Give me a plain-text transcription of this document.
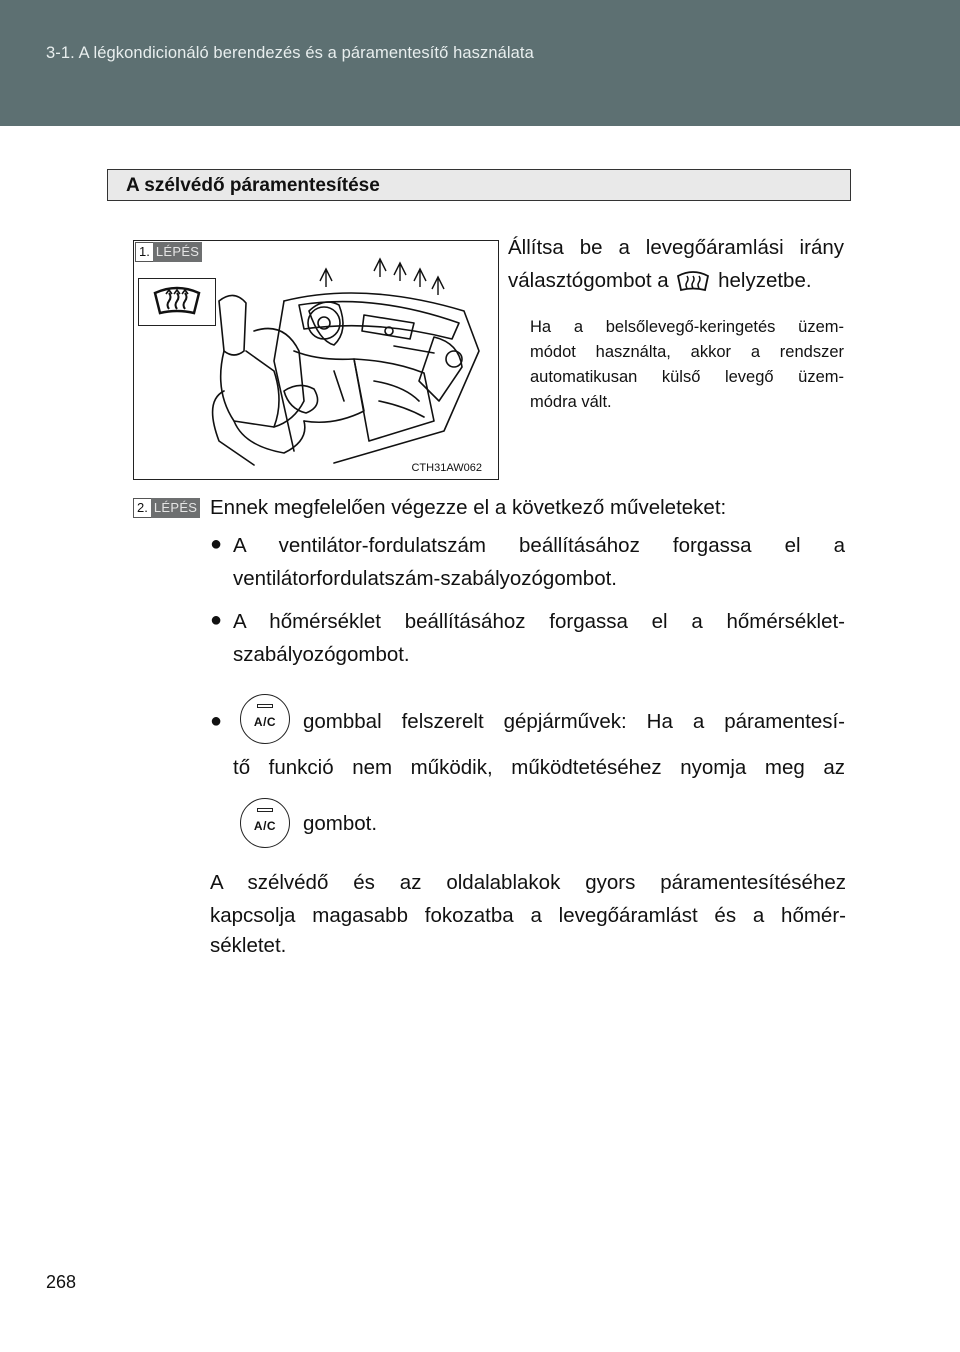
3-1. A légkondicionáló berendezés és a páramentesítő használata
A szélvédő páramentesítése
1. LÉPÉS
CTH31AW062
Állítsa be a levegőáramlási irány
választógombot a helyzetbe.
Ha a belsőlevegő-keringetés üzem-
módot használta, akkor a rendszer
automatikusan külső levegő üzem-
módra vált.
2. LÉPÉS Ennek megfelelően végezze el a következő műveleteket:
● A ventilátor-fordulatszám beállításához forgassa el a
ventilátorfordulatszám-szabályozógombot.
● A hőmérséklet beállításához forgassa el a hőmérséklet-
szabályozógombot.
●	A/C	gombbal felszerelt gépjárművek: Ha a páramentesí-
tő funkció nem működik, működtetéséhez nyomja meg az
A/C	gombot.
A szélvédő és az oldalablakok gyors páramentesítéséhez
kapcsolja magasabb fokozatba a levegőáramlást és a hőmér-
sékletet.
268
